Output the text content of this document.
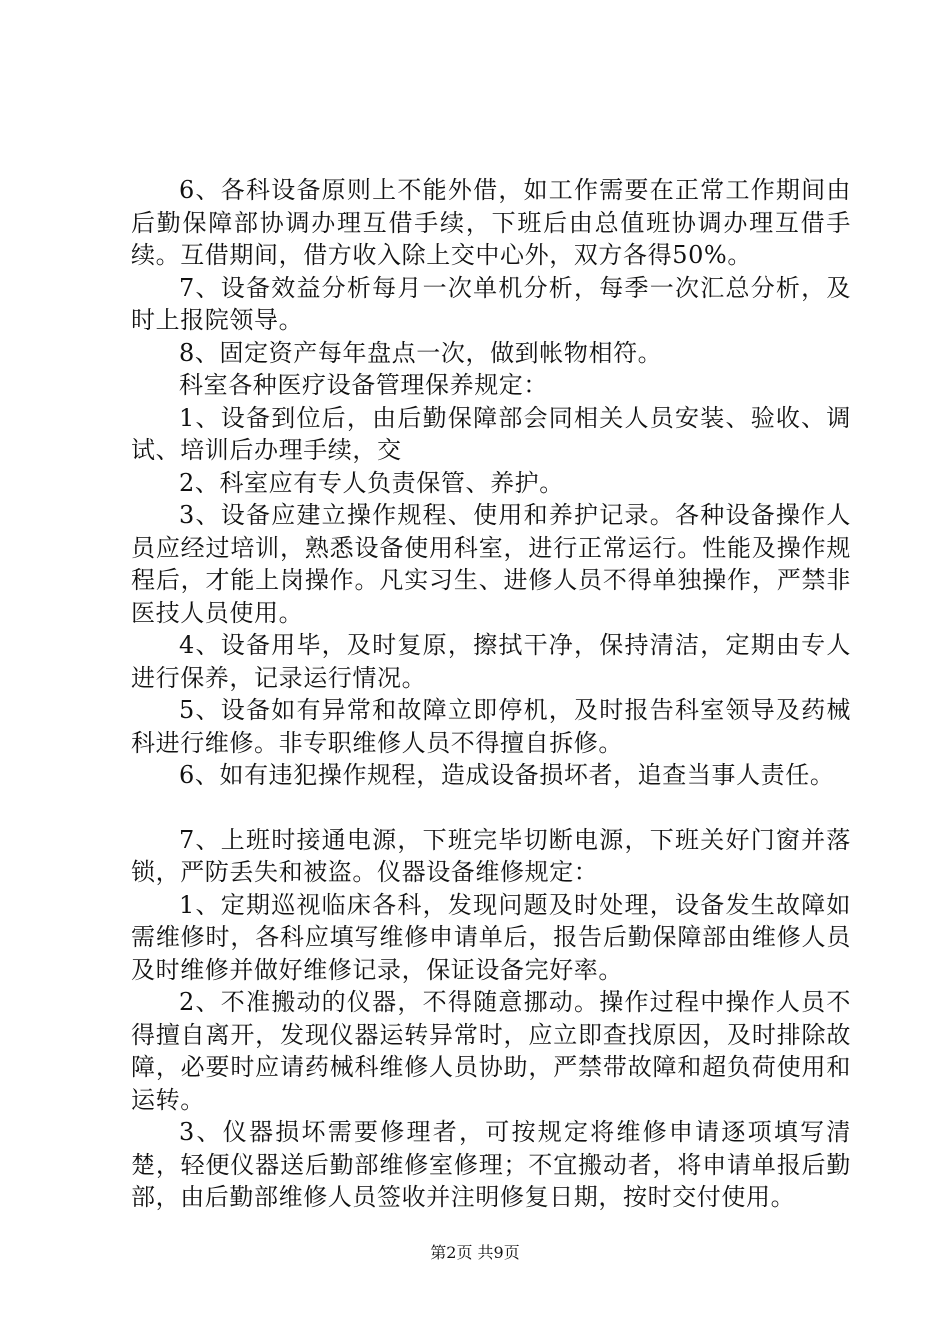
6、各科设备原则上不能外借，如工作需要在正常工作期间由后勤保障部协调办理互借手续，下班后由总值班协调办理互借手续。互借期间，借方收入除上交中心外，双方各得50%。

7、设备效益分析每月一次单机分析，每季一次汇总分析，及时上报院领导。

8、固定资产每年盘点一次，做到帐物相符。

科室各种医疗设备管理保养规定：

1、设备到位后，由后勤保障部会同相关人员安装、验收、调试、培训后办理手续，交

2、科室应有专人负责保管、养护。

3、设备应建立操作规程、使用和养护记录。各种设备操作人员应经过培训，熟悉设备使用科室，进行正常运行。性能及操作规程后，才能上岗操作。凡实习生、进修人员不得单独操作，严禁非医技人员使用。

4、设备用毕，及时复原，擦拭干净，保持清洁，定期由专人进行保养，记录运行情况。

5、设备如有异常和故障立即停机，及时报告科室领导及药械科进行维修。非专职维修人员不得擅自拆修。

6、如有违犯操作规程，造成设备损坏者，追查当事人责任。

7、上班时接通电源，下班完毕切断电源，下班关好门窗并落锁，严防丢失和被盗。仪器设备维修规定：

1、定期巡视临床各科，发现问题及时处理，设备发生故障如需维修时，各科应填写维修申请单后，报告后勤保障部由维修人员及时维修并做好维修记录，保证设备完好率。

2、不准搬动的仪器，不得随意挪动。操作过程中操作人员不得擅自离开，发现仪器运转异常时，应立即查找原因，及时排除故障，必要时应请药械科维修人员协助，严禁带故障和超负荷使用和运转。

3、仪器损坏需要修理者，可按规定将维修申请逐项填写清楚，轻便仪器送后勤部维修室修理；不宜搬动者，将申请单报后勤部，由后勤部维修人员签收并注明修复日期，按时交付使用。

第2页 共9页
